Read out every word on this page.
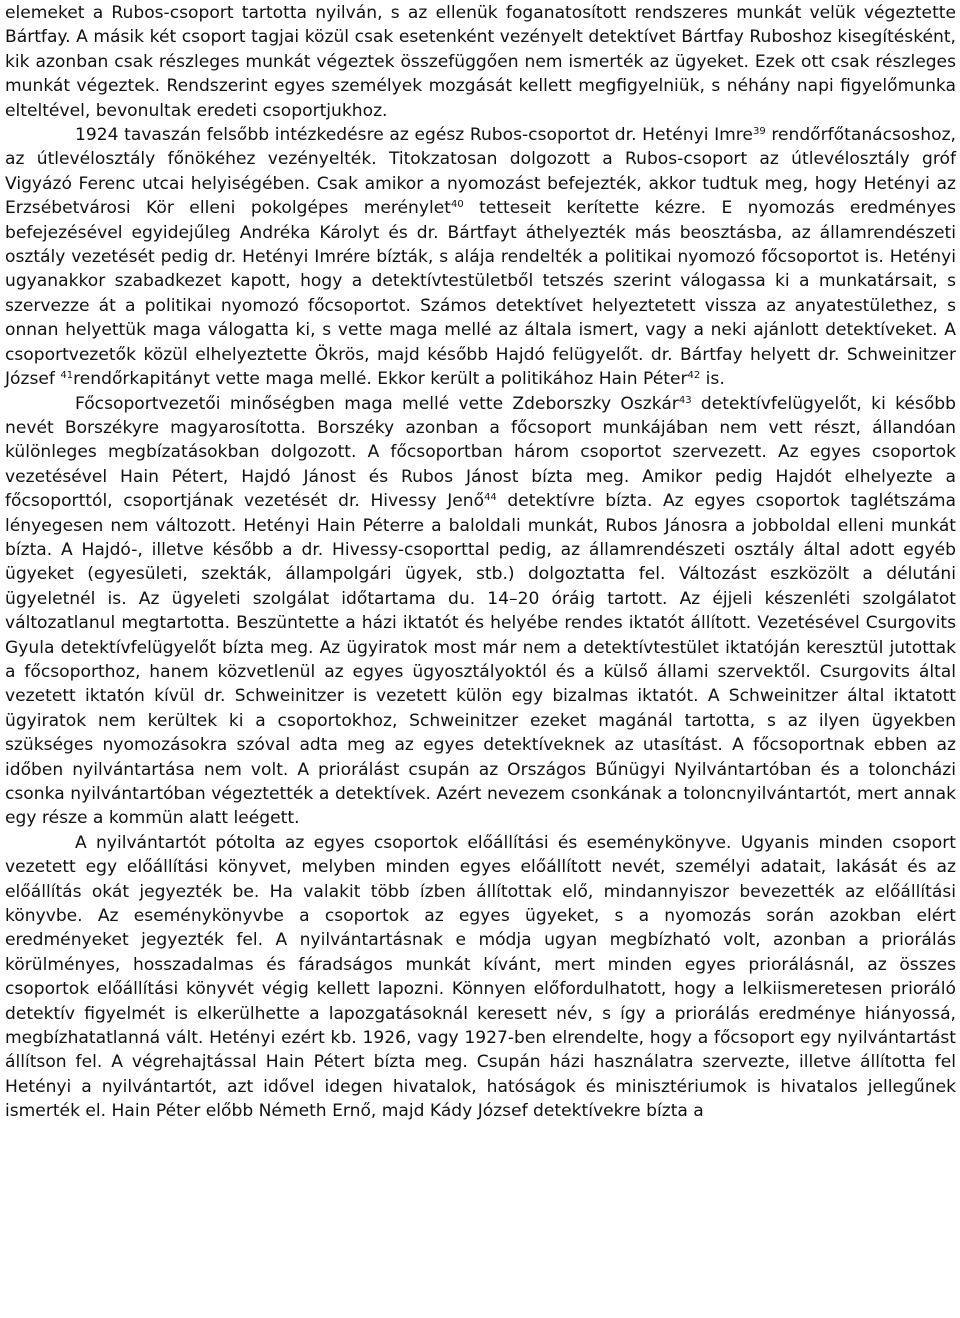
elemeket a Rubos-csoport tartotta nyilván, s az ellenük foganatosított rendszeres munkát velük végeztette Bártfay. A másik két csoport tagjai közül csak esetenként vezényelt detektívet Bártfay Ruboshoz kisegítésként, kik azonban csak részleges munkát végeztek összefüggően nem ismerték az ügyeket. Ezek ott csak részleges munkát végeztek. Rendszerint egyes személyek mozgását kellett megfigyelniük, s néhány napi figyelőmunka elteltével, bevonultak eredeti csoportjukhoz.

1924 tavaszán felsőbb intézkedésre az egész Rubos-csoportot dr. Hetényi Imre$^{39}$ rendőrfőtanácsoshoz, az útlevélosztály főnökéhez vezényelték. Titokzatosan dolgozott a Rubos-csoport az útlevélosztály gróf Vigyázó Ferenc utcai helyiségében. Csak amikor a nyomozást befejezték, akkor tudtuk meg, hogy Hetényi az Erzsébetvárosi Kör elleni pokolgépes merénylet$^{40}$ tetteseit kerítette kézre. E nyomozás eredményes befejezésével egyidejűleg Andréka Károlyt és dr. Bártfayt áthelyezték más beosztásba, az államrendészeti osztály vezetését pedig dr. Hetényi Imrére bízták, s alája rendelték a politikai nyomozó főcsoportot is. Hetényi ugyanakkor szabadkezet kapott, hogy a detektívtestületből tetszés szerint válogassa ki a munkatársait, s szervezze át a politikai nyomozó főcsoportot. Számos detektívet helyeztetett vissza az anyatestülethez, s onnan helyettük maga válogatta ki, s vette maga mellé az általa ismert, vagy a neki ajánlott detektíveket. A csoportvezetők közül elhelyeztette Ökrös, majd később Hajdó felügyelőt. dr. Bártfay helyett dr. Schweinitzer József $^{41}$rendőrkapitányt vette maga mellé. Ekkor került a politikához Hain Péter$^{42}$ is.

Főcsoportvezetői minőségben maga mellé vette Zdeborszky Oszkár$^{43}$ detektívfelügyelőt, ki később nevét Borszékyre magyarosította. Borszéky azonban a főcsoport munkájában nem vett részt, állandóan különleges megbízatásokban dolgozott. A főcsoportban három csoportot szervezett. Az egyes csoportok vezetésével Hain Pétert, Hajdó Jánost és Rubos Jánost bízta meg. Amikor pedig Hajdót elhelyezte a főcsoporttól, csoportjának vezetését dr. Hivessy Jenő$^{44}$ detektívre bízta. Az egyes csoportok taglétszáma lényegesen nem változott. Hetényi Hain Péterre a baloldali munkát, Rubos Jánosra a jobboldal elleni munkát bízta. A Hajdó-, illetve később a dr. Hivessy-csoporttal pedig, az államrendészeti osztály által adott egyéb ügyeket (egyesületi, szekták, állampolgári ügyek, stb.) dolgoztatta fel. Változást eszközölt a délutáni ügyeletnél is. Az ügyeleti szolgálat időtartama du. 14–20 óráig tartott. Az éjjeli készenléti szolgálatot változatlanul megtartotta. Beszüntette a házi iktatót és helyébe rendes iktatót állított. Vezetésével Csurgovits Gyula detektívfelügyelőt bízta meg. Az ügyiratok most már nem a detektívtestület iktatóján keresztül jutottak a főcsoporthoz, hanem közvetlenül az egyes ügyosztályoktól és a külső állami szervektől. Csurgovits által vezetett iktatón kívül dr. Schweinitzer is vezetett külön egy bizalmas iktatót. A Schweinitzer által iktatott ügyiratok nem kerültek ki a csoportokhoz, Schweinitzer ezeket magánál tartotta, s az ilyen ügyekben szükséges nyomozásokra szóval adta meg az egyes detektíveknek az utasítást. A főcsoportnak ebben az időben nyilvántartása nem volt. A priorálást csupán az Országos Bűnügyi Nyilvántartóban és a toloncházi csonka nyilvántartóban végeztették a detektívek. Azért nevezem csonkának a toloncnyilvántartót, mert annak egy része a kommün alatt leégett.

A nyilvántartót pótolta az egyes csoportok előállítási és eseménykönyve. Ugyanis minden csoport vezetett egy előállítási könyvet, melyben minden egyes előállított nevét, személyi adatait, lakását és az előállítás okát jegyezték be. Ha valakit több ízben állítottak elő, mindannyiszor bevezették az előállítási könyvbe. Az eseménykönyvbe a csoportok az egyes ügyeket, s a nyomozás során azokban elért eredményeket jegyezték fel. A nyilvántartásnak e módja ugyan megbízható volt, azonban a priorálás körülményes, hosszadalmas és fáradságos munkát kívánt, mert minden egyes priorálásnál, az összes csoportok előállítási könyvét végig kellett lapozni. Könnyen előfordulhatott, hogy a lelkiismeretesen prioráló detektív figyelmét is elkerülhette a lapozgatásoknál keresett név, s így a priorálás eredménye hiányossá, megbízhatatlanná vált. Hetényi ezért kb. 1926, vagy 1927-ben elrendelte, hogy a főcsoport egy nyilvántartást állítson fel. A végrehajtással Hain Pétert bízta meg. Csupán házi használatra szervezte, illetve állította fel Hetényi a nyilvántartót, azt idővel idegen hivatalok, hatóságok és minisztériumok is hivatalos jellegűnek ismerték el. Hain Péter előbb Németh Ernő, majd Kády József detektívekre bízta a
